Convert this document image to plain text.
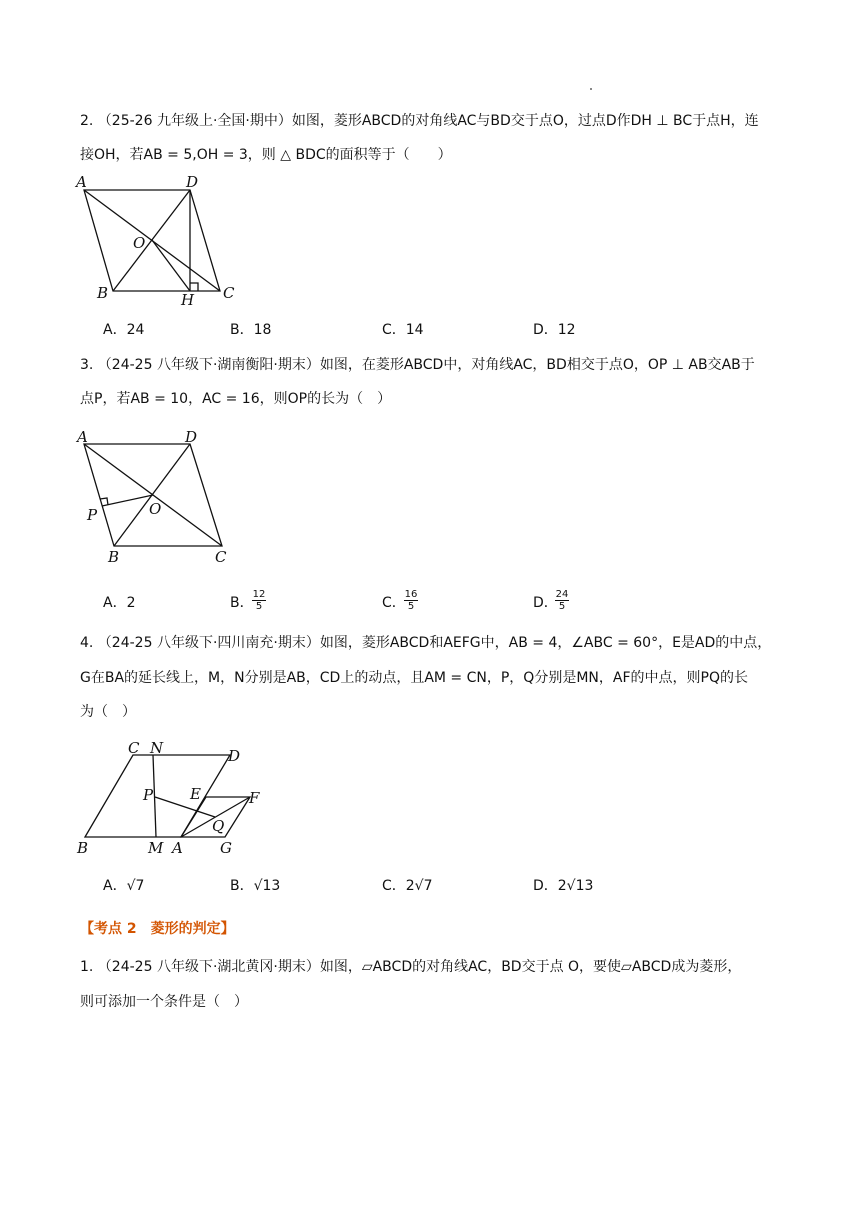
2. （25-26 九年级上·全国·期中）如图，菱形ABCD的对角线AC与BD交于点O，过点D作DH ⊥ BC于点H，连
接OH，若AB = 5,OH = 3，则 △ BDC的面积等于（　　）
A	D
O
B	H C
A	D
P	O
B	C
C N	D
P E	F
Q
B	M A G
A．24	B．18	C．14	D．12
3. （24-25 八年级下·湖南衡阳·期末）如图，在菱形ABCD中，对角线AC，BD相交于点O，OP ⊥ AB交AB于
点P，若AB = 10，AC = 16，则OP的长为（　）
A．2	B．
$\frac{12}{5}$	C．
$\frac{16}{5}$	D．
$\frac{24}{5}$
4. （24-25 八年级下·四川南充·期末）如图，菱形ABCD和AEFG中，AB = 4，∠ABC = 60°，E是AD的中点，
G在BA的延长线上，M，N分别是AB，CD上的动点，且AM = CN，P，Q分别是MN，AF的中点，则PQ的长
为（　）
A．√7	B．√13	C．2√7	D．2√13
【考点 2　菱形的判定】
1. （24-25 八年级下·湖北黄冈·期末）如图，▱ABCD的对角线AC，BD交于点 O，要使▱ABCD成为菱形，
则可添加一个条件是（　）
